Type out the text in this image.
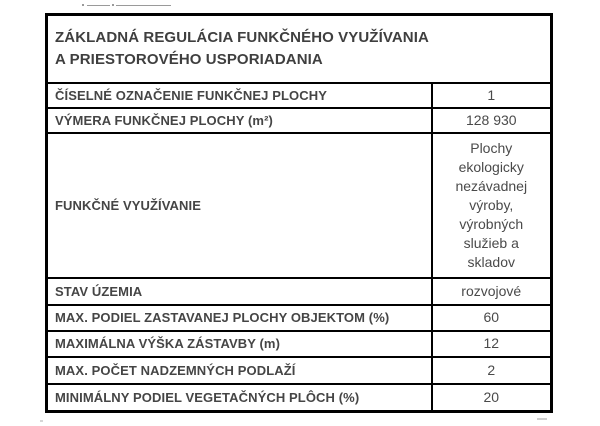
ZÁKLADNÁ REGULÁCIA FUNKČNÉHO VYUŽÍVANIA
A PRIESTOROVÉHO USPORIADANIA	

ČÍSELNÉ OZNAČENIE FUNKČNEJ PLOCHY	1
VÝMERA FUNKČNEJ PLOCHY (m²)	128 930
FUNKČNÉ VYUŽÍVANIE	Plochy ekologicky nezávadnej výroby, výrobných služieb a skladov
STAV ÚZEMIA	rozvojové
MAX. PODIEL ZASTAVANEJ PLOCHY OBJEKTOM (%)	60
MAXIMÁLNA VÝŠKA ZÁSTAVBY (m)	12
MAX. POČET NADZEMNÝCH PODLAŽÍ	2
MINIMÁLNY PODIEL VEGETAČNÝCH PLÔCH (%)	20
